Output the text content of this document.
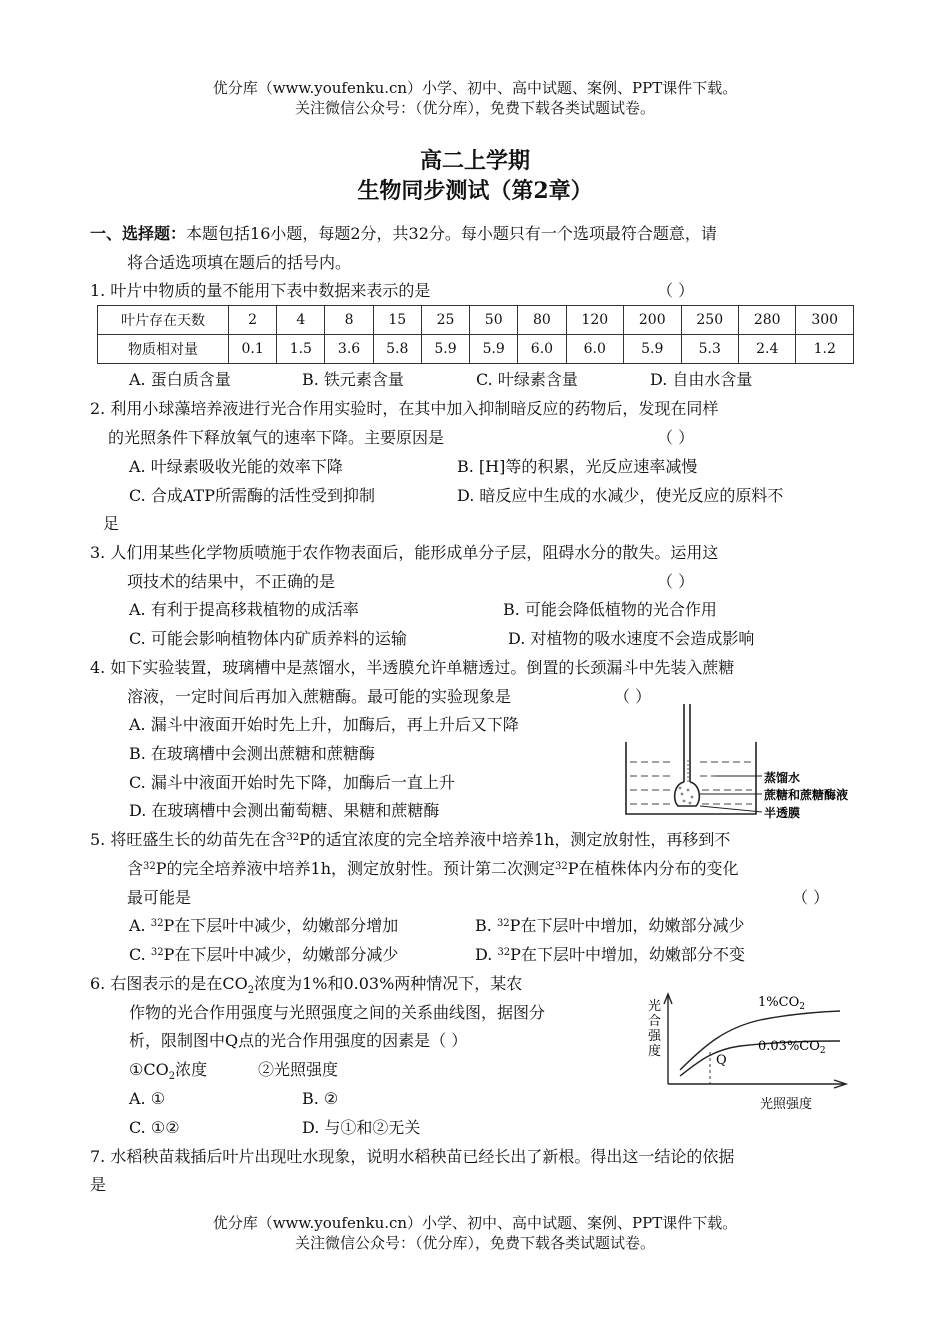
优分库（www.youfenku.cn）小学、初中、高中试题、案例、PPT课件下载。
关注微信公众号：（优分库），免费下载各类试题试卷。
高二上学期
生物同步测试（第2章）
一、选择题：本题包括16小题，每题2分，共32分。每小题只有一个选项最符合题意，请
将合适选项填在题后的括号内。
1. 叶片中物质的量不能用下表中数据来表示的是	（ ）
叶片存在天数	2	4	8	15	25	50	80	120	200	250	280	300
物质相对量	0.1	1.5	3.6	5.8	5.9	5.9	6.0	6.0	5.9	5.3	2.4	1.2
A. 蛋白质含量	B. 铁元素含量	C. 叶绿素含量	D. 自由水含量
2. 利用小球藻培养液进行光合作用实验时，在其中加入抑制暗反应的药物后，发现在同样
的光照条件下释放氧气的速率下降。主要原因是	（ ）
A. 叶绿素吸收光能的效率下降	B. [H]等的积累，光反应速率减慢
C. 合成ATP所需酶的活性受到抑制	D. 暗反应中生成的水减少，使光反应的原料不
足
3. 人们用某些化学物质喷施于农作物表面后，能形成单分子层，阻碍水分的散失。运用这
项技术的结果中，不正确的是	（ ）
A. 有利于提高移栽植物的成活率	B. 可能会降低植物的光合作用
C. 可能会影响植物体内矿质养料的运输	D. 对植物的吸水速度不会造成影响
4. 如下实验装置，玻璃槽中是蒸馏水，半透膜允许单糖透过。倒置的长颈漏斗中先装入蔗糖
溶液，一定时间后再加入蔗糖酶。最可能的实验现象是	（ ）
A. 漏斗中液面开始时先上升，加酶后，再上升后又下降
B. 在玻璃槽中会测出蔗糖和蔗糖酶
C. 漏斗中液面开始时先下降，加酶后一直上升
D. 在玻璃槽中会测出葡萄糖、果糖和蔗糖酶
蒸馏水
蔗糖和蔗糖酶液
半透膜
5. 将旺盛生长的幼苗先在含$^{32}$P的适宜浓度的完全培养液中培养1h，测定放射性，再移到不
含$^{32}$P的完全培养液中培养1h，测定放射性。预计第二次测定$^{32}$P在植株体内分布的变化
最可能是	（ ）
A. $^{32}$P在下层叶中减少，幼嫩部分增加	B. $^{32}$P在下层叶中增加，幼嫩部分减少
C. $^{32}$P在下层叶中减少，幼嫩部分减少	D. $^{32}$P在下层叶中增加，幼嫩部分不变
6. 右图表示的是在$CO_2$浓度为1%和0.03%两种情况下，某农
作物的光合作用强度与光照强度之间的关系曲线图，据图分
析，限制图中Q点的光合作用强度的因素是（ ）
$①CO_2$浓度	②光照强度
A. ①	B. ②
C. ①②	D. 与①和②无关
Q
$1\%CO_2$
$0.03\%CO_2$
光合强度
光照强度
7. 水稻秧苗栽插后叶片出现吐水现象，说明水稻秧苗已经长出了新根。得出这一结论的依据
是
优分库（www.youfenku.cn）小学、初中、高中试题、案例、PPT课件下载。
关注微信公众号：（优分库），免费下载各类试题试卷。
